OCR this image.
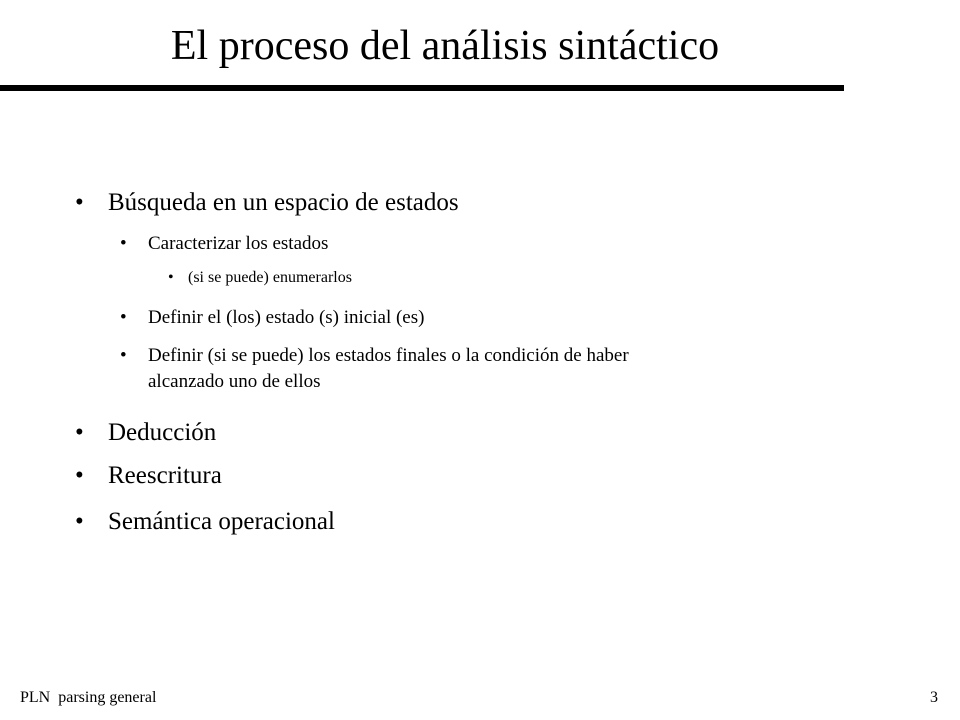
El proceso del análisis sintáctico
• Búsqueda en un espacio de estados
• Caracterizar los estados
• (si se puede) enumerarlos
• Definir el (los) estado (s) inicial (es)
• Definir (si se puede) los estados finales o la condición de haber
alcanzado uno de ellos
• Deducción
• Reescritura
• Semántica operacional
PLN  parsing general	3
